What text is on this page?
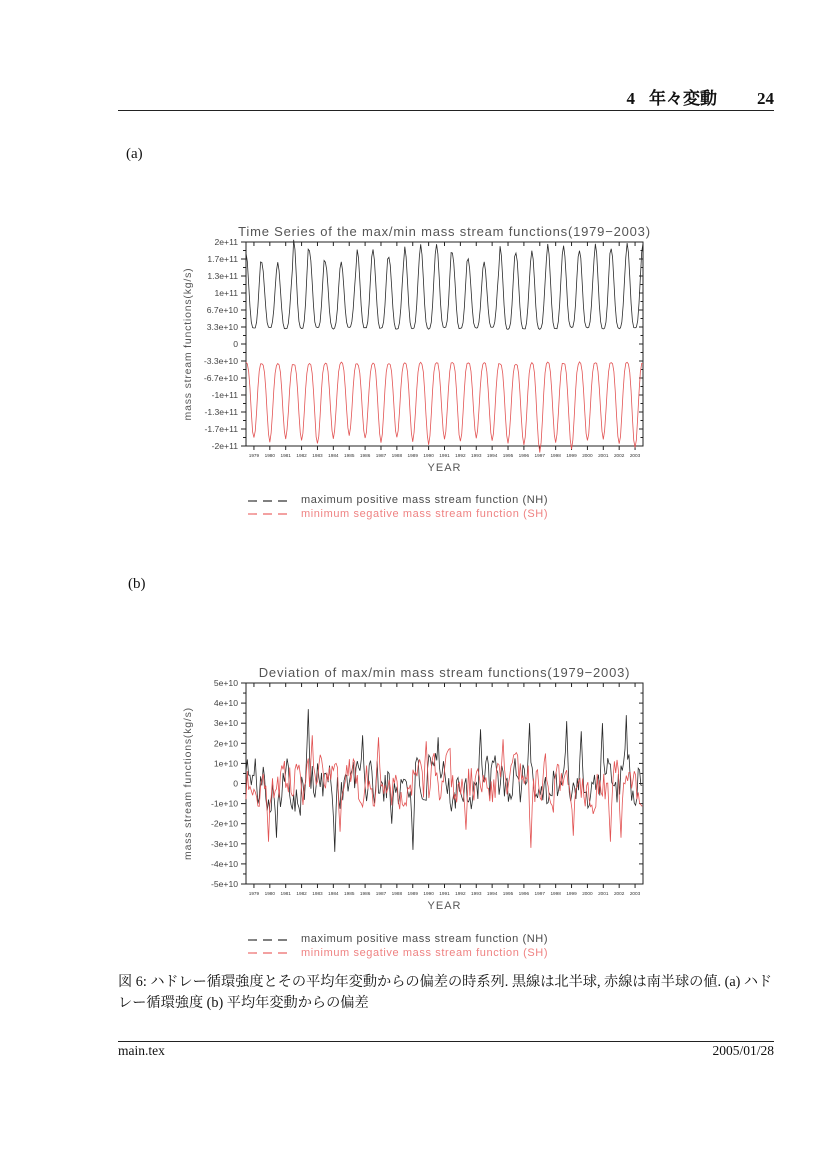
4 年々変動 24
(a)
Time Series of the max/min mass stream functions(1979−2003)
mass stream functions(kg/s)
2e+11
1.7e+11
1.3e+11
1e+11
6.7e+10
3.3e+10
0
-3.3e+10
-6.7e+10
-1e+11
-1.3e+11
-1.7e+11
-2e+11
1979 1980 1981 1982 1983 1984 1985 1986 1987 1988 1989 1990 1991 1992 1993 1994 1995 1996 1997 1998 1999 2000 2001 2002 2003
YEAR
maximum positive mass stream function (NH)
minimum segative mass stream function (SH)
(b)
Deviation of max/min mass stream functions(1979−2003)
mass stream functions(kg/s)
5e+10
4e+10
3e+10
2e+10
1e+10
0
-1e+10
-2e+10
-3e+10
-4e+10
-5e+10
1979 1980 1981 1982 1983 1984 1985 1986 1987 1988 1989 1990 1991 1992 1993 1994 1995 1996 1997 1998 1999 2000 2001 2002 2003
YEAR
maximum positive mass stream function (NH)
minimum segative mass stream function (SH)
図 6: ハドレー循環強度とその平均年変動からの偏差の時系列. 黒線は北半球, 赤線は南半球の値. (a) ハドレー循環強度 (b) 平均年変動からの偏差
main.tex	2005/01/28
